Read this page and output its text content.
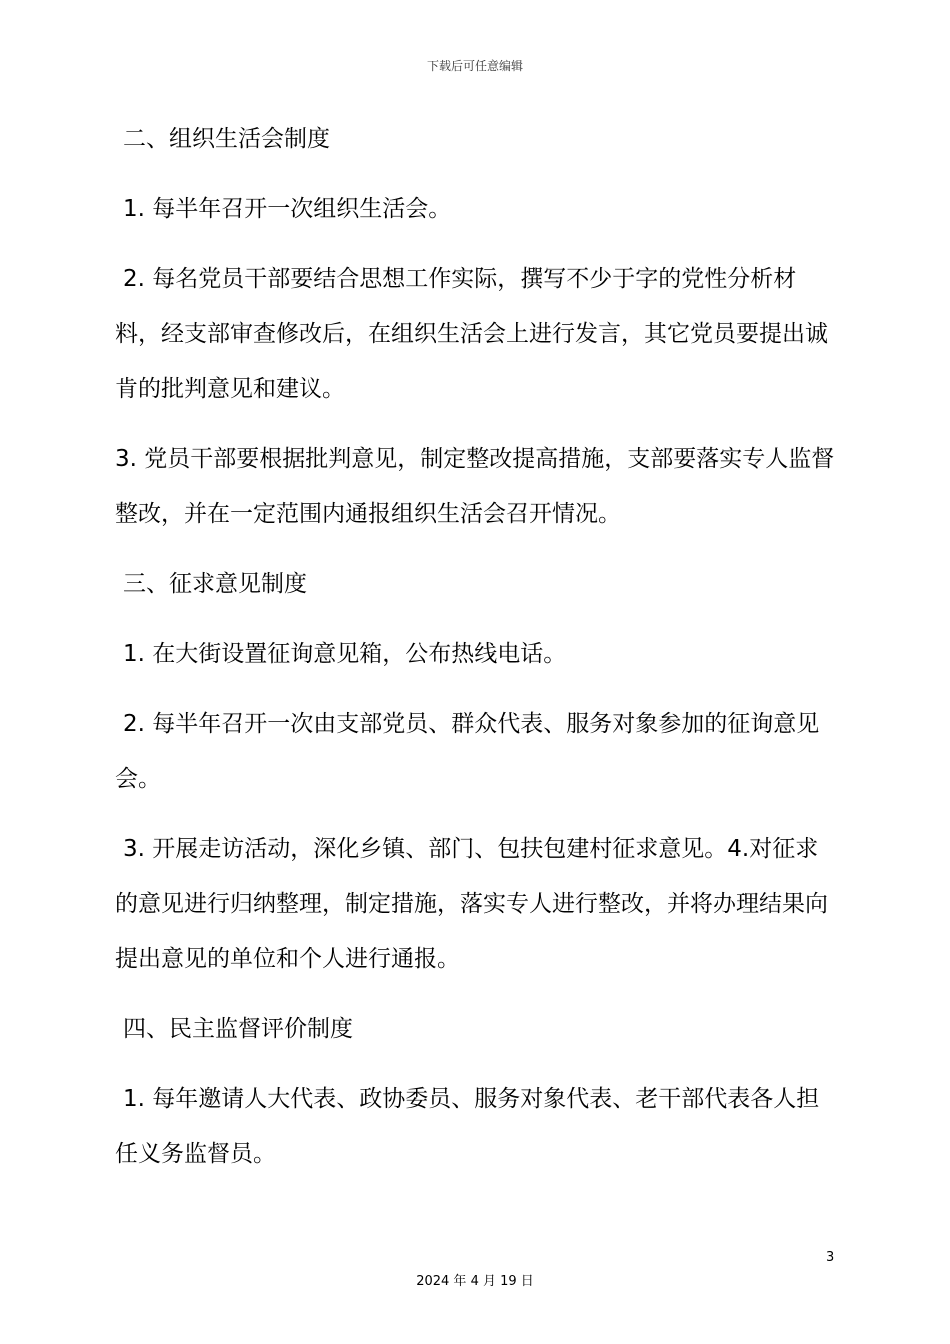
下载后可任意编辑

二、组织生活会制度

1. 每半年召开一次组织生活会。

2. 每名党员干部要结合思想工作实际，撰写不少于字的党性分析材料，经支部审查修改后，在组织生活会上进行发言，其它党员要提出诚肯的批判意见和建议。

3. 党员干部要根据批判意见，制定整改提高措施，支部要落实专人监督整改，并在一定范围内通报组织生活会召开情况。

三、征求意见制度

1. 在大街设置征询意见箱，公布热线电话。

2. 每半年召开一次由支部党员、群众代表、服务对象参加的征询意见会。

3. 开展走访活动，深化乡镇、部门、包扶包建村征求意见。4.对征求的意见进行归纳整理，制定措施，落实专人进行整改，并将办理结果向提出意见的单位和个人进行通报。

四、民主监督评价制度

1. 每年邀请人大代表、政协委员、服务对象代表、老干部代表各人担任义务监督员。

3
2024 年 4 月 19 日
